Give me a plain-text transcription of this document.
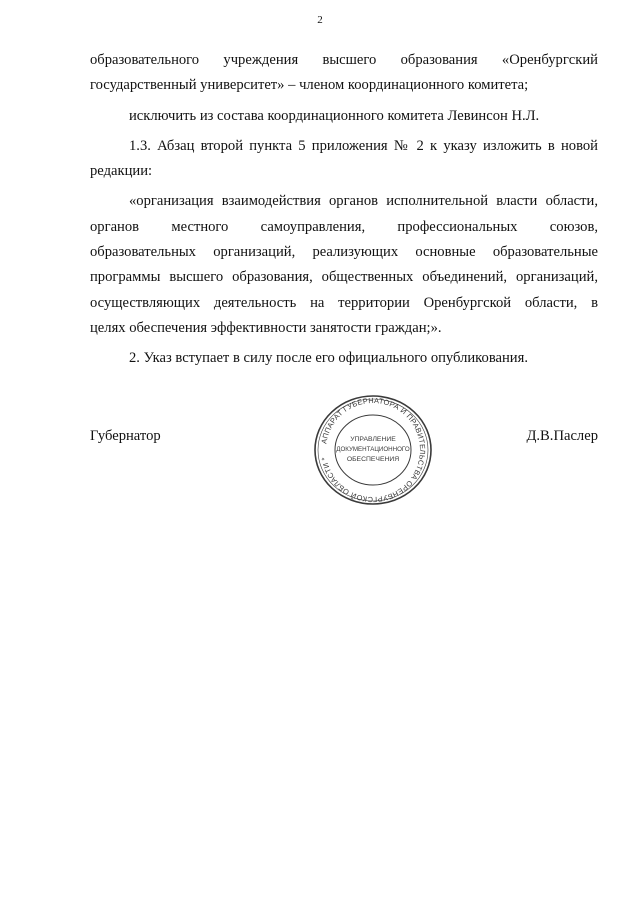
2
образовательного учреждения высшего образования «Оренбургский
государственный университет» – членом координационного комитета;
исключить из состава координационного комитета Левинсон Н.Л.
1.3. Абзац второй пункта 5 приложения № 2 к указу изложить в новой
редакции:
«организация взаимодействия органов исполнительной власти области,
органов местного самоуправления, профессиональных союзов,
образовательных организаций, реализующих основные образовательные
программы высшего образования, общественных объединений, организаций,
осуществляющих деятельность на территории Оренбургской области, в
целях обеспечения эффективности занятости граждан;».
2. Указ вступает в силу после его официального опубликования.
Губернатор	Д.В.Паслер
АППАРАТ ГУБЕРНАТОРА И ПРАВИТЕЛЬСТВА ОРЕНБУРГСКОЙ ОБЛАСТИ *
УПРАВЛЕНИЕ
ДОКУМЕНТАЦИОННОГО
ОБЕСПЕЧЕНИЯ
